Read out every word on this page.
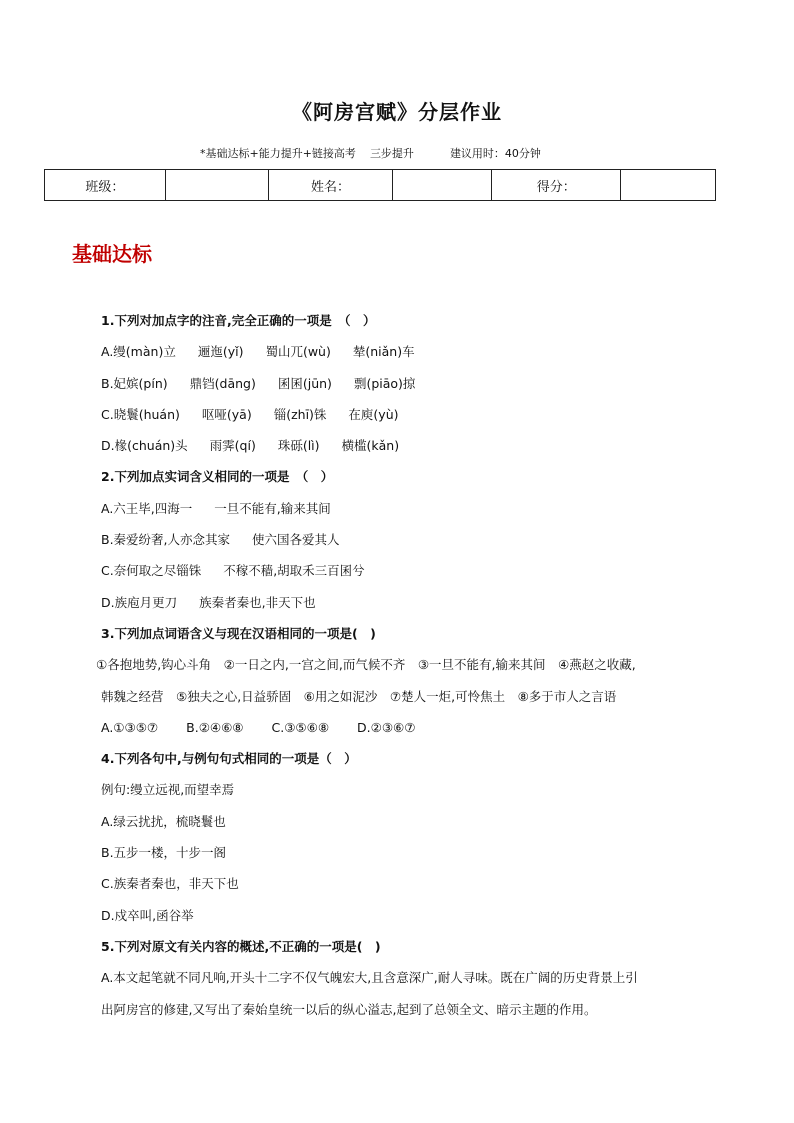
《阿房宫赋》分层作业
*基础达标+能力提升+链接高考 三步提升	建议用时：40分钟
班级：		姓名：		得分：	
基础达标
1.下列对加点字的注音,完全正确的一项是　（　）
A.缦(màn)立 逦迤(yǐ) 蜀山兀(wù) 辇(niǎn)车
B.妃嫔(pín) 鼎铛(dāng) 囷囷(jūn) 剽(piāo)掠
C.晓鬟(huán) 呕哑(yā) 锱(zhī)铢 在庾(yù)
D.椽(chuán)头 雨霁(qí) 珠砾(lì) 横槛(kǎn)
2.下列加点实词含义相同的一项是　（　）
A.六王毕,四海一 一旦不能有,输来其间
B.秦爱纷奢,人亦念其家 使六国各爱其人
C.奈何取之尽锱铢 不稼不穑,胡取禾三百囷兮
D.族庖月更刀 族秦者秦也,非天下也
3.下列加点词语含义与现在汉语相同的一项是(　)
①各抱地势,钩心斗角　②一日之内,一宫之间,而气候不齐　③一旦不能有,输来其间　④燕赵之收藏,
韩魏之经营　⑤独夫之心,日益骄固　⑥用之如泥沙　⑦楚人一炬,可怜焦土　⑧多于市人之言语
A.①③⑤⑦ B.②④⑥⑧ C.③⑤⑥⑧ D.②③⑥⑦
4.下列各句中,与例句句式相同的一项是（　）
例句:缦立远视,而望幸焉
A.绿云扰扰，梳晓鬟也
B.五步一楼，十步一阁
C.族秦者秦也，非天下也
D.戍卒叫,函谷举
5.下列对原文有关内容的概述,不正确的一项是(　)
A.本文起笔就不同凡响,开头十二字不仅气魄宏大,且含意深广,耐人寻味。既在广阔的历史背景上引
出阿房宫的修建,又写出了秦始皇统一以后的纵心溢志,起到了总领全文、暗示主题的作用。
